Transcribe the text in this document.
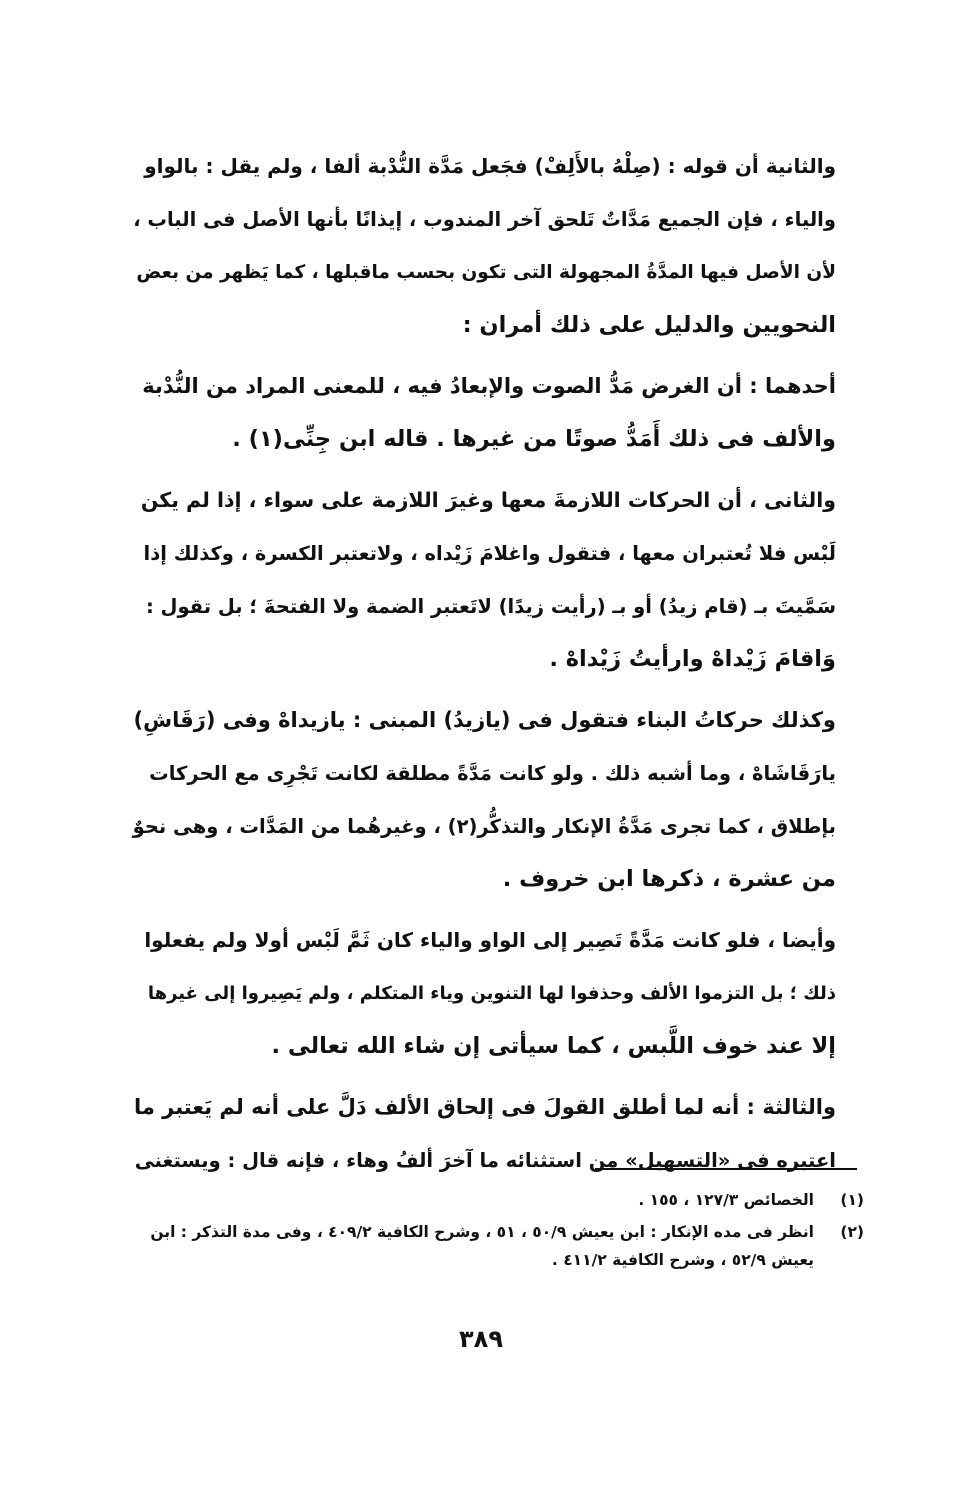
والثانية أن قوله : (صِلْهُ بالأَلِفْ) فجَعل مَدَّة النُّدْبة ألفا ، ولم يقل : بالواو
والياء ، فإن الجميع مَدَّاتٌ تَلحق آخر المندوب ، إيذانًا بأنها الأصل فى الباب ،
لأن الأصل فيها المدَّةُ المجهولة التى تكون بحسب ماقبلها ، كما يَظهر من بعض
النحويين والدليل على ذلك أمران :

أحدهما : أن الغرض مَدُّ الصوت والإبعادُ فيه ، للمعنى المراد من النُّدْبة
والألف فى ذلك أَمَدُّ صوتًا من غيرها . قاله ابن جِنِّى(١) .

والثانى ، أن الحركات اللازمةَ معها وغيرَ اللازمة على سواء ، إذا لم يكن
لَبْس فلا تُعتبران معها ، فتقول واغلامَ زَيْداه ، ولاتعتبر الكسرة ، وكذلك إذا
سَمَّيتَ بـ (قام زيدُ) أو بـ (رأيت زيدًا) لاتَعتبر الضمة ولا الفتحةَ ؛ بل تقول :
وَاقامَ زَيْداهْ وارأيتُ زَيْداهْ .

وكذلك حركاتُ البناء فتقول فى (يازيدُ) المبنى : يازيداهْ وفى (رَقَاشِ)
يارَقَاشَاهْ ، وما أشبه ذلك . ولو كانت مَدَّةً مطلقة لكانت تَجْرِى مع الحركات
بإطلاق ، كما تجرى مَدَّةُ الإنكار والتذكُّر(٢) ، وغيرهُما من المَدَّات ، وهى نحوٌ
من عشرة ، ذكرها ابن خروف .

وأيضا ، فلو كانت مَدَّةً تَصِير إلى الواو والياء كان ثَمَّ لَبْس أولا ولم يفعلوا
ذلك ؛ بل التزموا الألف وحذفوا لها التنوين وياء المتكلم ، ولم يَصِيروا إلى غيرها
إلا عند خوف اللَّبس ، كما سيأتى إن شاء الله تعالى .

والثالثة : أنه لما أطلق القولَ فى إلحاق الألف دَلَّ على أنه لم يَعتبر ما
اعتبره فى «التسهيل» من استثنائه ما آخرَ ألفُ وهاء ، فإنه قال : ويستغنى

(١)
الخصائص ١٢٧/٣ ، ١٥٥ .
(٢)
انظر فى مده الإنكار : ابن يعيش ٥٠/٩ ، ٥١ ، وشرح الكافية ٤٠٩/٢ ، وفى مدة التذكر : ابن
يعيش ٥٢/٩ ، وشرح الكافية ٤١١/٢ .
٣٨٩
